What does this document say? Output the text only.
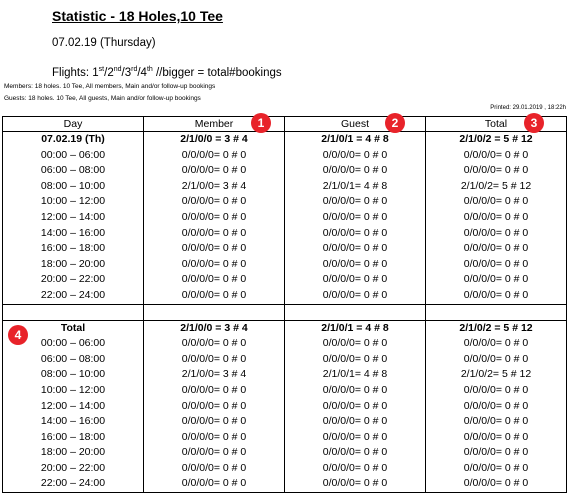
Statistic - 18 Holes,10 Tee
07.02.19 (Thursday)
Flights: 1st/2nd/3rd/4th //bigger = total#bookings
Members: 18 holes. 10 Tee, All members, Main and/or follow-up bookings
Guests: 18 holes. 10 Tee, All guests, Main and/or follow-up bookings
Printed: 29.01.2019 , 18:22h
Day	Member	Guest	Total
07.02.19 (Th)	2/1/0/0 = 3 # 4	2/1/0/1 = 4 # 8	2/1/0/2 = 5 # 12
00:00 – 06:00	0/0/0/0= 0 # 0	0/0/0/0= 0 # 0	0/0/0/0= 0 # 0
06:00 – 08:00	0/0/0/0= 0 # 0	0/0/0/0= 0 # 0	0/0/0/0= 0 # 0
08:00 – 10:00	2/1/0/0= 3 # 4	2/1/0/1= 4 # 8	2/1/0/2= 5 # 12
10:00 – 12:00	0/0/0/0= 0 # 0	0/0/0/0= 0 # 0	0/0/0/0= 0 # 0
12:00 – 14:00	0/0/0/0= 0 # 0	0/0/0/0= 0 # 0	0/0/0/0= 0 # 0
14:00 – 16:00	0/0/0/0= 0 # 0	0/0/0/0= 0 # 0	0/0/0/0= 0 # 0
16:00 – 18:00	0/0/0/0= 0 # 0	0/0/0/0= 0 # 0	0/0/0/0= 0 # 0
18:00 – 20:00	0/0/0/0= 0 # 0	0/0/0/0= 0 # 0	0/0/0/0= 0 # 0
20:00 – 22:00	0/0/0/0= 0 # 0	0/0/0/0= 0 # 0	0/0/0/0= 0 # 0
22:00 – 24:00	0/0/0/0= 0 # 0	0/0/0/0= 0 # 0	0/0/0/0= 0 # 0

Total	2/1/0/0 = 3 # 4	2/1/0/1 = 4 # 8	2/1/0/2 = 5 # 12
00:00 – 06:00	0/0/0/0= 0 # 0	0/0/0/0= 0 # 0	0/0/0/0= 0 # 0
06:00 – 08:00	0/0/0/0= 0 # 0	0/0/0/0= 0 # 0	0/0/0/0= 0 # 0
08:00 – 10:00	2/1/0/0= 3 # 4	2/1/0/1= 4 # 8	2/1/0/2= 5 # 12
10:00 – 12:00	0/0/0/0= 0 # 0	0/0/0/0= 0 # 0	0/0/0/0= 0 # 0
12:00 – 14:00	0/0/0/0= 0 # 0	0/0/0/0= 0 # 0	0/0/0/0= 0 # 0
14:00 – 16:00	0/0/0/0= 0 # 0	0/0/0/0= 0 # 0	0/0/0/0= 0 # 0
16:00 – 18:00	0/0/0/0= 0 # 0	0/0/0/0= 0 # 0	0/0/0/0= 0 # 0
18:00 – 20:00	0/0/0/0= 0 # 0	0/0/0/0= 0 # 0	0/0/0/0= 0 # 0
20:00 – 22:00	0/0/0/0= 0 # 0	0/0/0/0= 0 # 0	0/0/0/0= 0 # 0
22:00 – 24:00	0/0/0/0= 0 # 0	0/0/0/0= 0 # 0	0/0/0/0= 0 # 0
1	2	3
4
